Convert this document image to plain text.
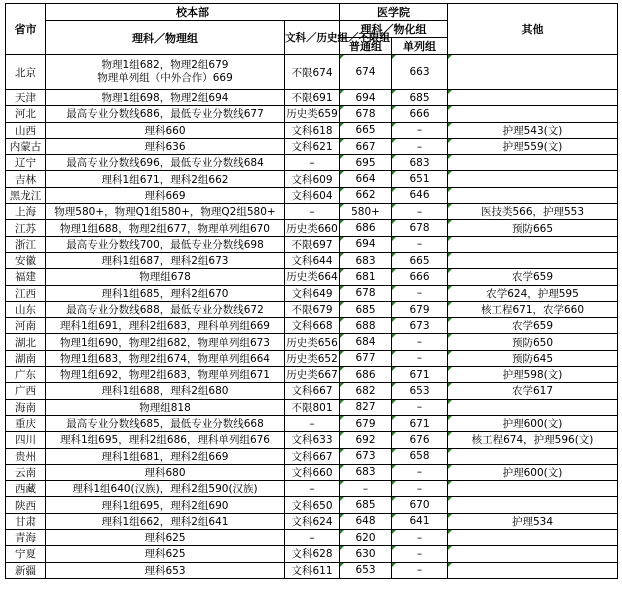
省市	校本部		医学院		其他
	理科／物理组	文科／历史组／不限组	理科／物化组		
			普通组	单列组	
北京	物理1组682，物理2组679
物理单列组（中外合作）669	不限674	674	663	
天津	物理1组698，物理2组694	不限691	694	685	
河北	最高专业分数线686，最低专业分数线677	历史类659	678	666	
山西	理科660	文科618	665	–	护理543(文)
内蒙古	理科636	文科621	667	–	护理559(文)
辽宁	最高专业分数线696，最低专业分数线684	–	695	683	
吉林	理科1组671，理科2组662	文科609	664	651	
黑龙江	理科669	文科604	662	646	
上海	物理580+，物理Q1组580+，物理Q2组580+	–	580+	–	医技类566，护理553
江苏	物理1组688，物理2组677，物理单列组670	历史类660	686	678	预防665
浙江	最高专业分数线700，最低专业分数线698	不限697	694	–	
安徽	理科1组687，理科2组673	文科644	683	665	
福建	物理组678	历史类664	681	666	农学659
江西	理科1组685，理科2组670	文科649	678	–	农学624，护理595
山东	最高专业分数线688，最低专业分数线672	不限679	685	679	核工程671，农学660
河南	理科1组691，理科2组683，理科单列组669	文科668	688	673	农学659
湖北	物理1组690，物理2组682，物理单列组673	历史类656	684	–	预防650
湖南	物理1组683，物理2组674，物理单列组664	历史类652	677	–	预防645
广东	物理1组692，物理2组683，物理单列组671	历史类667	686	671	护理598(文)
广西	理科1组688，理科2组680	文科667	682	653	农学617
海南	物理组818	不限801	827	–	
重庆	最高专业分数线685，最低专业分数线668	–	679	671	护理600(文)
四川	理科1组695，理科2组686，理科单列组676	文科633	692	676	核工程674，护理596(文)
贵州	理科1组681，理科2组669	文科667	673	658	
云南	理科680	文科660	683	–	护理600(文)
西藏	理科1组640(汉族)，理科2组590(汉族)	–	–	–	
陕西	理科1组695，理科2组690	文科650	685	670	
甘肃	理科1组662，理科2组641	文科624	648	641	护理534
青海	理科625	–	620	–	
宁夏	理科625	文科628	630	–	
新疆	理科653	文科611	653	–	
